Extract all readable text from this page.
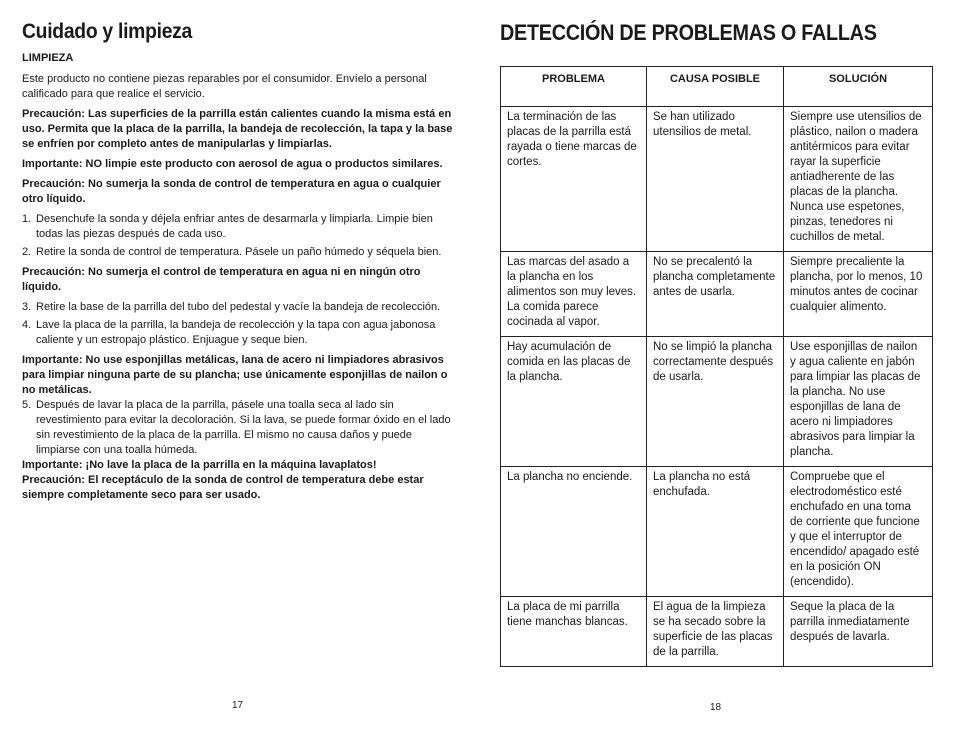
Cuidado y limpieza
LIMPIEZA

Este producto no contiene piezas reparables por el consumidor. Envíelo a personal calificado para que realice el servicio.

Precaución: Las superficies de la parrilla están calientes cuando la misma está en uso. Permita que la placa de la parrilla, la bandeja de recolección, la tapa y la base se enfríen por completo antes de manipularlas y limpiarlas.

Importante: NO limpie este producto con aerosol de agua o productos similares.

Precaución: No sumerja la sonda de control de temperatura en agua o cualquier otro líquido.

1. Desenchufe la sonda y déjela enfriar antes de desarmarla y limpiarla. Limpie bien todas las piezas después de cada uso.
2. Retire la sonda de control de temperatura. Pásele un paño húmedo y séquela bien.

Precaución: No sumerja el control de temperatura en agua ni en ningún otro líquido.

3. Retire la base de la parrilla del tubo del pedestal y vacíe la bandeja de recolección.
4. Lave la placa de la parrilla, la bandeja de recolección y la tapa con agua jabonosa caliente y un estropajo plástico. Enjuague y seque bien.

Importante: No use esponjillas metálicas, lana de acero ni limpiadores abrasivos para limpiar ninguna parte de su plancha; use únicamente esponjillas de nailon o no metálicas.

5. Después de lavar la placa de la parrilla, pásele una toalla seca al lado sin revestimiento para evitar la decoloración. Si la lava, se puede formar óxido en el lado sin revestimiento de la placa de la parrilla. El mismo no causa daños y puede limpiarse con una toalla húmeda.

Importante: ¡No lave la placa de la parrilla en la máquina lavaplatos!

Precaución: El receptáculo de la sonda de control de temperatura debe estar siempre completamente seco para ser usado.

17
DETECCIÓN DE PROBLEMAS O FALLAS
PROBLEMA	CAUSA POSIBLE	SOLUCIÓN
La terminación de las placas de la parrilla está rayada o tiene marcas de cortes.	Se han utilizado utensilios de metal.	Siempre use utensilios de plástico, nailon o madera antitérmicos para evitar rayar la superficie antiadherente de las placas de la plancha. Nunca use espetones, pinzas, tenedores ni cuchillos de metal.
Las marcas del asado a la plancha en los alimentos son muy leves. La comida parece cocinada al vapor.	No se precalentó la plancha completamente antes de usarla.	Siempre precaliente la plancha, por lo menos, 10 minutos antes de cocinar cualquier alimento.
Hay acumulación de comida en las placas de la plancha.	No se limpió la plancha correctamente después de usarla.	Use esponjillas de nailon y agua caliente en jabón para limpiar las placas de la plancha. No use esponjillas de lana de acero ni limpiadores abrasivos para limpiar la plancha.
La plancha no enciende.	La plancha no está enchufada.	Compruebe que el electrodoméstico esté enchufado en una toma de corriente que funcione y que el interruptor de encendido/ apagado esté en la posición ON (encendido).
La placa de mi parrilla tiene manchas blancas.	El agua de la limpieza se ha secado sobre la superficie de las placas de la parrilla.	Seque la placa de la parrilla inmediatamente después de lavarla.
18
